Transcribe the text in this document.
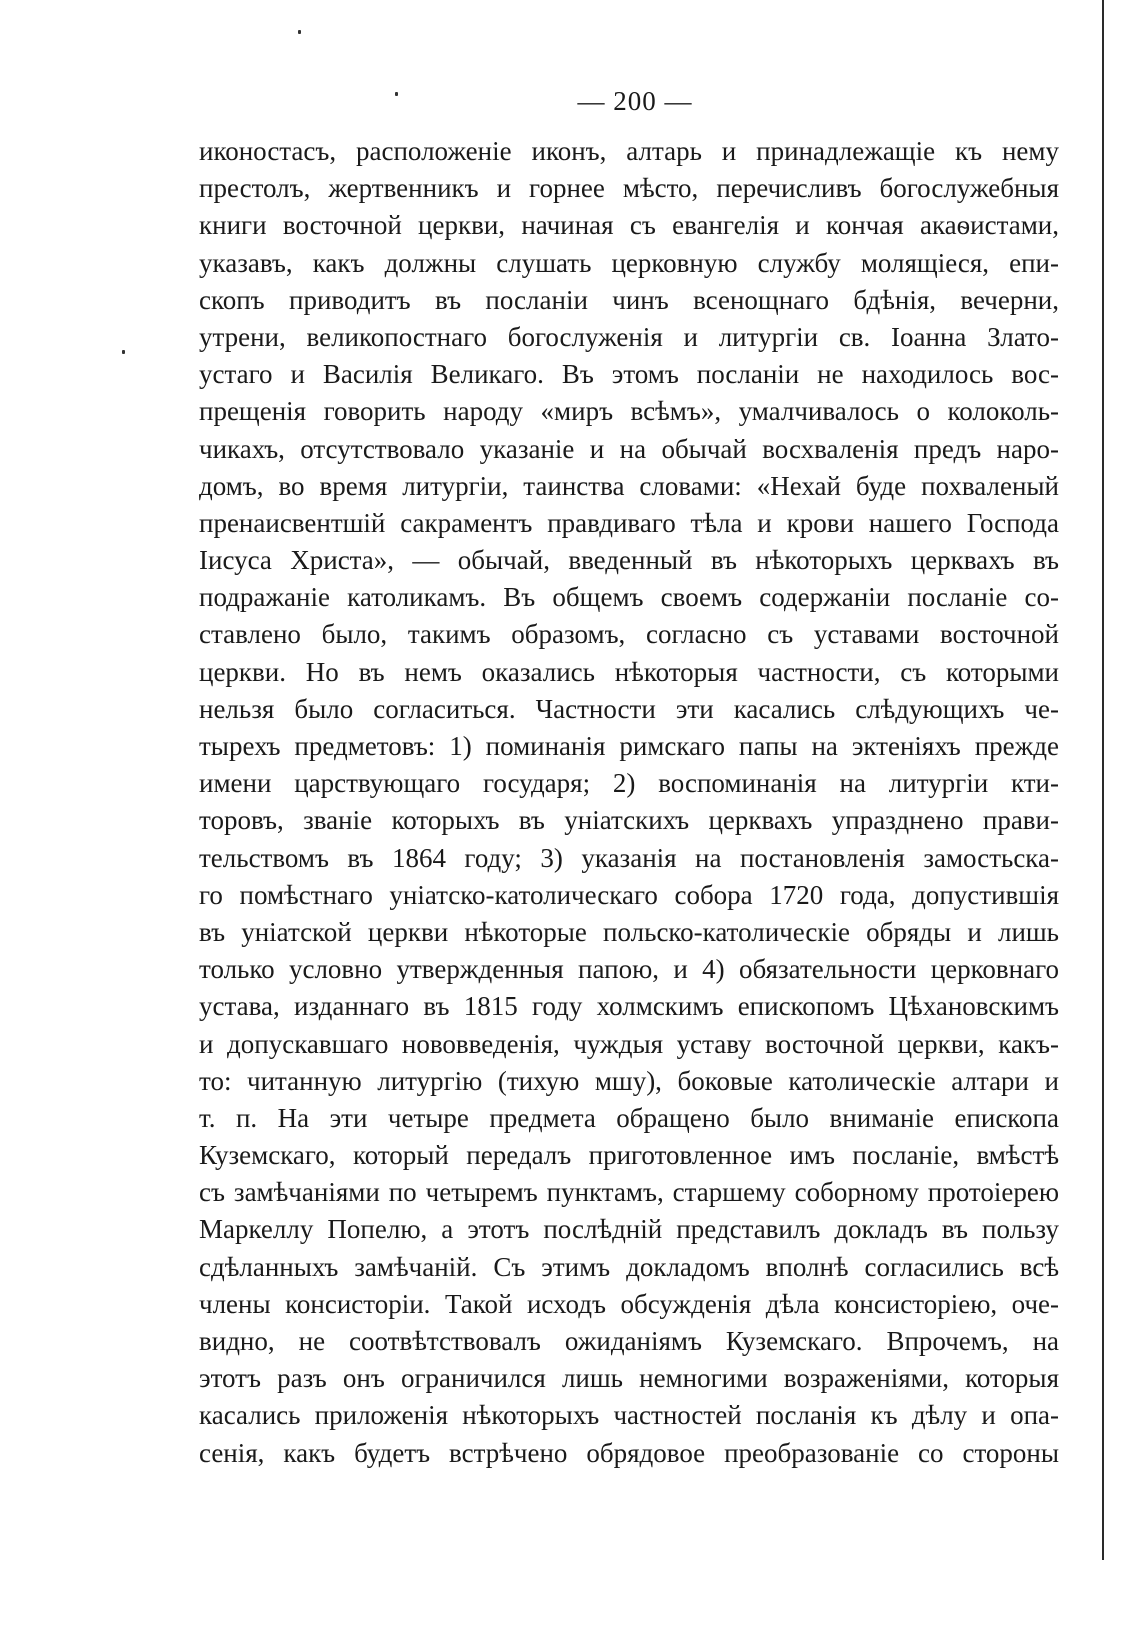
— 200 —
иконостасъ, расположеніе иконъ, алтарь и принадлежащіе къ нему
престолъ, жертвенникъ и горнее мѣсто, перечисливъ богослужебныя
книги восточной церкви, начиная съ евангелія и кончая акаѳистами,
указавъ, какъ должны слушать церковную службу молящіеся, епи-
скопъ приводитъ въ посланіи чинъ всенощнаго бдѣнія, вечерни,
утрени, великопостнаго богослуженія и литургіи св. Іоанна Злато-
устаго и Василія Великаго. Въ этомъ посланіи не находилось вос-
прещенія говорить народу «миръ всѣмъ», умалчивалось о колоколь-
чикахъ, отсутствовало указаніе и на обычай восхваленія предъ наро-
домъ, во время литургіи, таинства словами: «Нехай буде похваленый
пренаисвентшій сакраментъ правдиваго тѣла и крови нашего Господа
Іисуса Христа», — обычай, введенный въ нѣкоторыхъ церквахъ въ
подражаніе католикамъ. Въ общемъ своемъ содержаніи посланіе со-
ставлено было, такимъ образомъ, согласно съ уставами восточной
церкви. Но въ немъ оказались нѣкоторыя частности, съ которыми
нельзя было согласиться. Частности эти касались слѣдующихъ че-
тырехъ предметовъ: 1) поминанія римскаго папы на эктеніяхъ прежде
имени царствующаго государя; 2) воспоминанія на литургіи кти-
торовъ, званіе которыхъ въ уніатскихъ церквахъ упразднено прави-
тельствомъ въ 1864 году; 3) указанія на постановленія замостьска-
го помѣстнаго уніатско-католическаго собора 1720 года, допустившія
въ уніатской церкви нѣкоторые польско-католическіе обряды и лишь
только условно утвержденныя папою, и 4) обязательности церковнаго
устава, изданнаго въ 1815 году холмскимъ епископомъ Цѣхановскимъ
и допускавшаго нововведенія, чуждыя уставу восточной церкви, какъ-
то: читанную литургію (тихую мшу), боковые католическіе алтари и
т. п. На эти четыре предмета обращено было вниманіе епископа
Куземскаго, который передалъ приготовленное имъ посланіе, вмѣстѣ
съ замѣчаніями по четыремъ пунктамъ, старшему соборному протоіерею
Маркеллу Попелю, а этотъ послѣдній представилъ докладъ въ пользу
сдѣланныхъ замѣчаній. Съ этимъ докладомъ вполнѣ согласились всѣ
члены консисторіи. Такой исходъ обсужденія дѣла консисторіею, оче-
видно, не соотвѣтствовалъ ожиданіямъ Куземскаго. Впрочемъ, на
этотъ разъ онъ ограничился лишь немногими возраженіями, которыя
касались приложенія нѣкоторыхъ частностей посланія къ дѣлу и опа-
сенія, какъ будетъ встрѣчено обрядовое преобразованіе со стороны
